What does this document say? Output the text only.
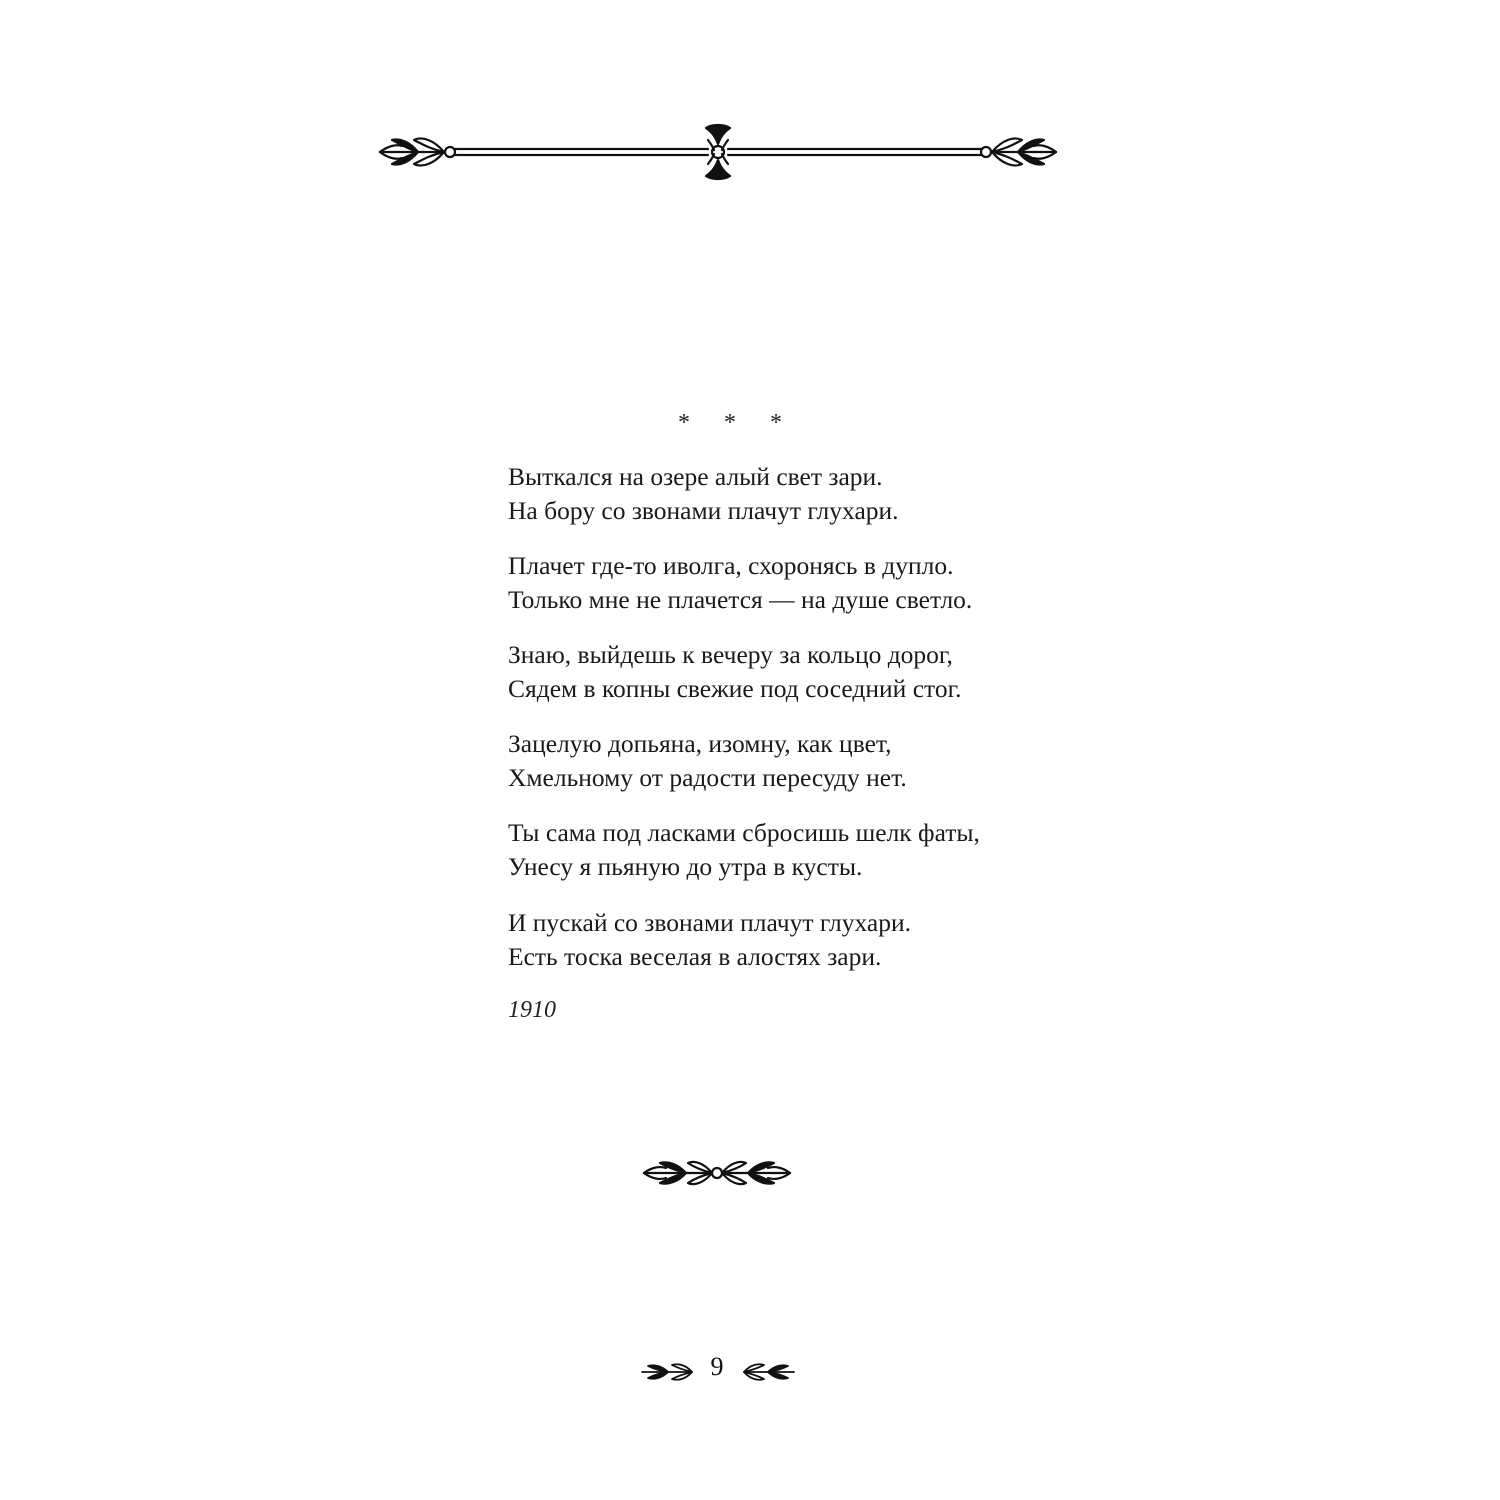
* * *
Выткался на озере алый свет зари.
На бору со звонами плачут глухари.
Плачет где-то иволга, схоронясь в дупло.
Только мне не плачется — на душе светло.
Знаю, выйдешь к вечеру за кольцо дорог,
Сядем в копны свежие под соседний стог.
Зацелую допьяна, изомну, как цвет,
Хмельному от радости пересуду нет.
Ты сама под ласками сбросишь шелк фаты,
Унесу я пьяную до утра в кусты.
И пускай со звонами плачут глухари.
Есть тоска веселая в алостях зари.
1910
9
